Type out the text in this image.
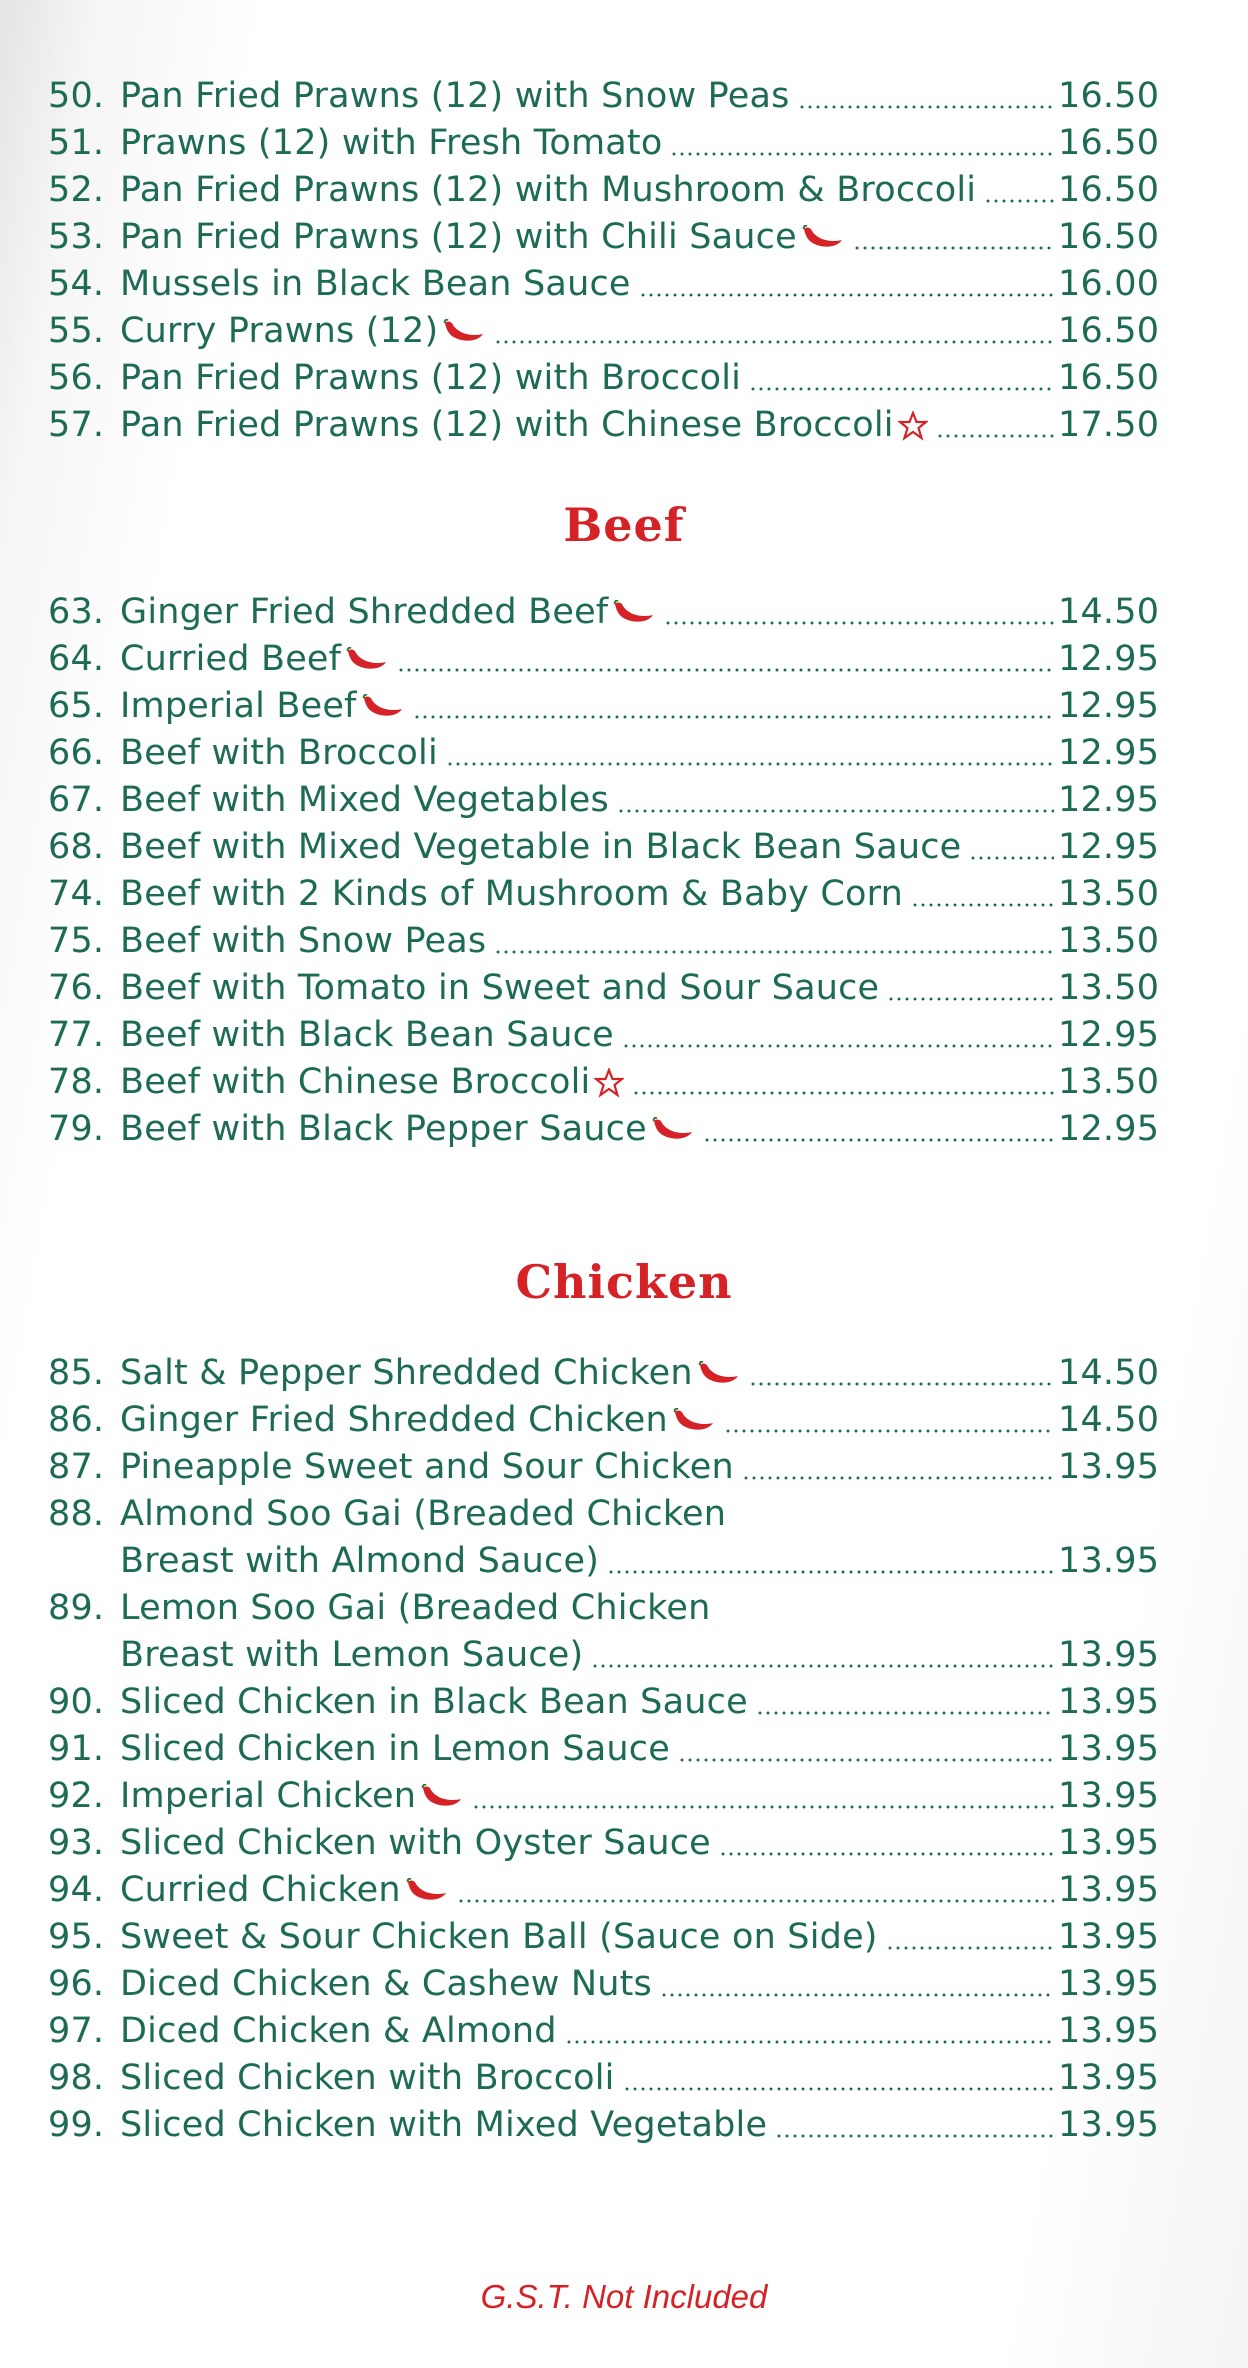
50. Pan Fried Prawns (12) with Snow Peas	16.50
51. Prawns (12) with Fresh Tomato	16.50
52. Pan Fried Prawns (12) with Mushroom & Broccoli 16.50
53. Pan Fried Prawns (12) with Chili Sauce	16.50
54. Mussels in Black Bean Sauce	16.00
55. Curry Prawns (12)	16.50
56. Pan Fried Prawns (12) with Broccoli	16.50
57. Pan Fried Prawns (12) with Chinese Broccoli	17.50
Beef
63. Ginger Fried Shredded Beef	14.50
64. Curried Beef	12.95
65. Imperial Beef	12.95
66. Beef with Broccoli	12.95
67. Beef with Mixed Vegetables	12.95
68. Beef with Mixed Vegetable in Black Bean Sauce	12.95
74. Beef with 2 Kinds of Mushroom & Baby Corn	13.50
75. Beef with Snow Peas	13.50
76. Beef with Tomato in Sweet and Sour Sauce	13.50
77. Beef with Black Bean Sauce	12.95
78. Beef with Chinese Broccoli	13.50
79. Beef with Black Pepper Sauce	12.95
Chicken
85. Salt & Pepper Shredded Chicken	14.50
86. Ginger Fried Shredded Chicken	14.50
87. Pineapple Sweet and Sour Chicken	13.95
88. Almond Soo Gai (Breaded Chicken
Breast with Almond Sauce)	13.95
89. Lemon Soo Gai (Breaded Chicken
Breast with Lemon Sauce)	13.95
90. Sliced Chicken in Black Bean Sauce	13.95
91. Sliced Chicken in Lemon Sauce	13.95
92. Imperial Chicken	13.95
93. Sliced Chicken with Oyster Sauce	13.95
94. Curried Chicken	13.95
95. Sweet & Sour Chicken Ball (Sauce on Side)	13.95
96. Diced Chicken & Cashew Nuts	13.95
97. Diced Chicken & Almond	13.95
98. Sliced Chicken with Broccoli	13.95
99. Sliced Chicken with Mixed Vegetable	13.95
G.S.T. Not Included
